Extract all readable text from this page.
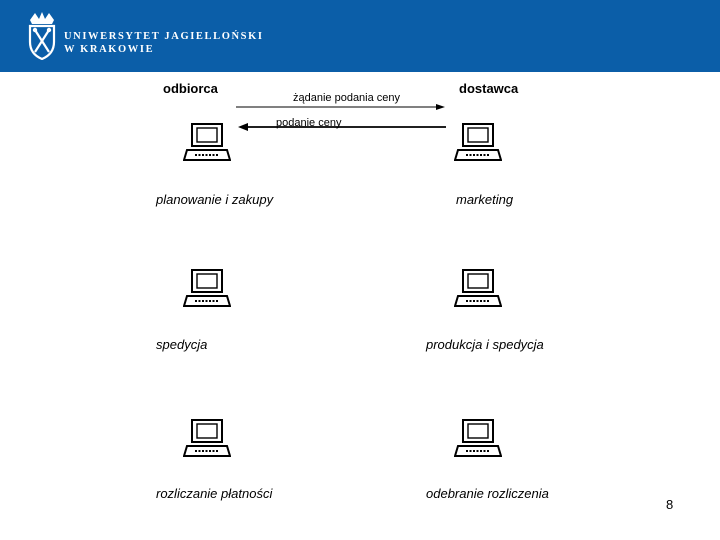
UNIWERSYTET JAGIELLOŃSKI
W KRAKOWIE
odbiorca	dostawca
żądanie podania ceny
podanie ceny
planowanie i zakupy	marketing
spedycja	produkcja i spedycja
rozliczanie płatności	odebranie rozliczenia
8
